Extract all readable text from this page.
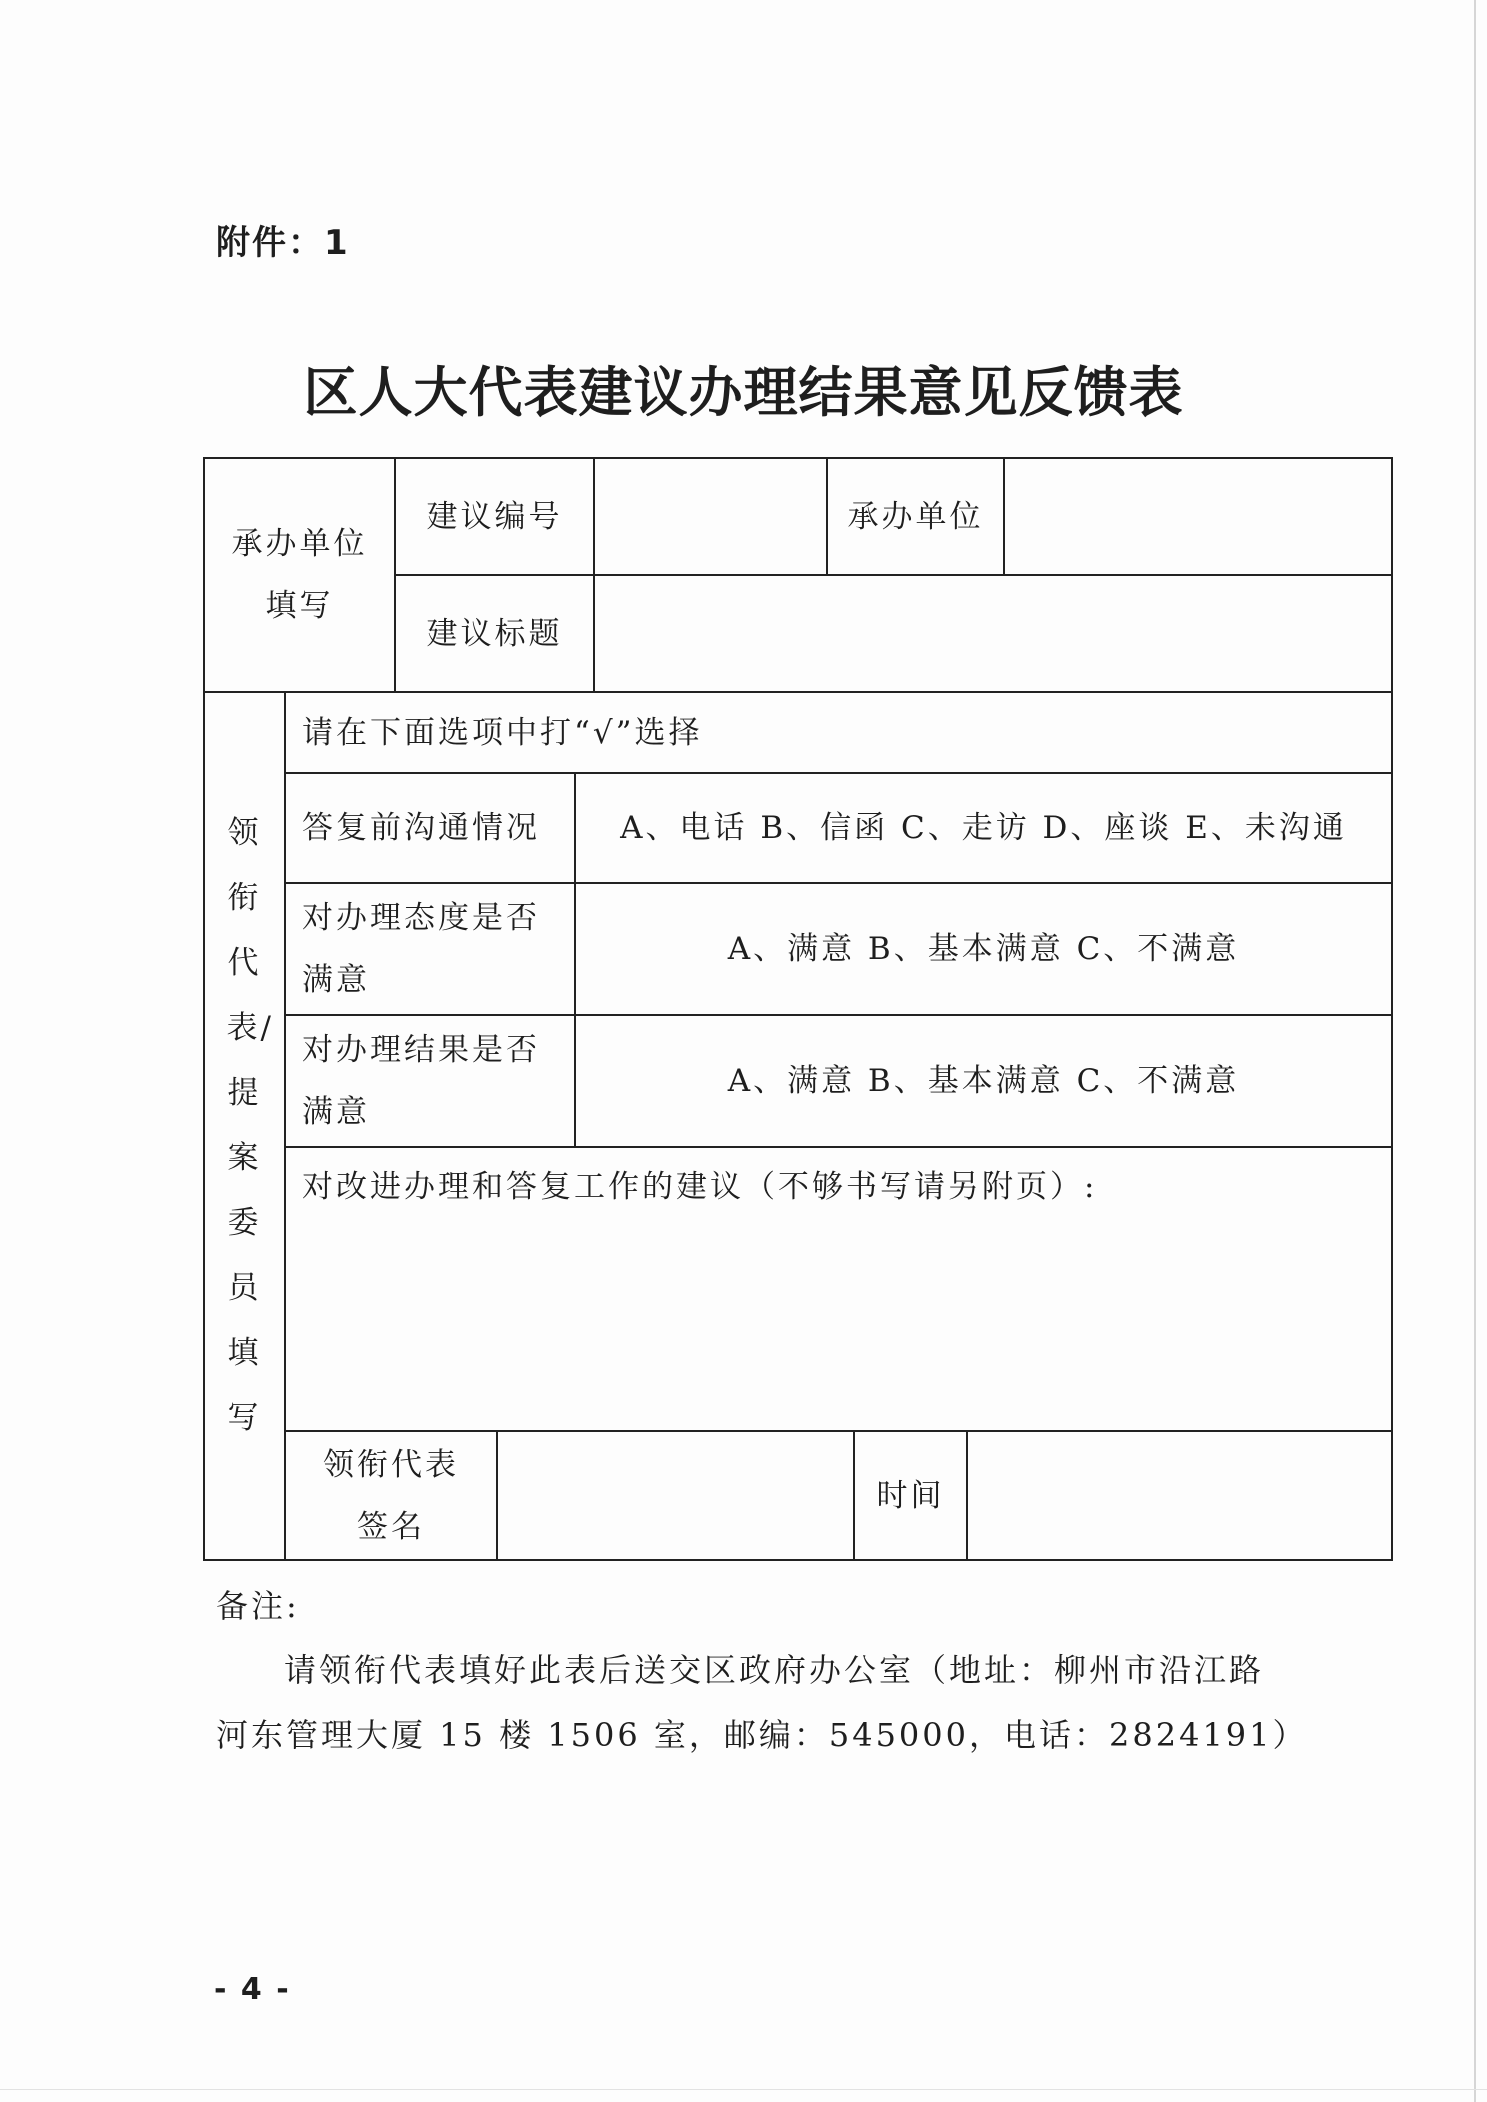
附件：1
区人大代表建议办理结果意见反馈表
承办单位填写
建议编号	承办单位
建议标题
领衔代表/提案委员填写
请在下面选项中打“√”选择
答复前沟通情况	A、电话 B、信函 C、走访 D、座谈 E、未沟通
对办理态度是否满意
A、满意 B、基本满意 C、不满意
对办理结果是否满意
A、满意 B、基本满意 C、不满意
对改进办理和答复工作的建议（不够书写请另附页）:
领衔代表签名
时间
备注:
请领衔代表填好此表后送交区政府办公室（地址：柳州市沿江路
河东管理大厦 15 楼 1506 室，邮编：545000，电话：2824191）
- 4 -
